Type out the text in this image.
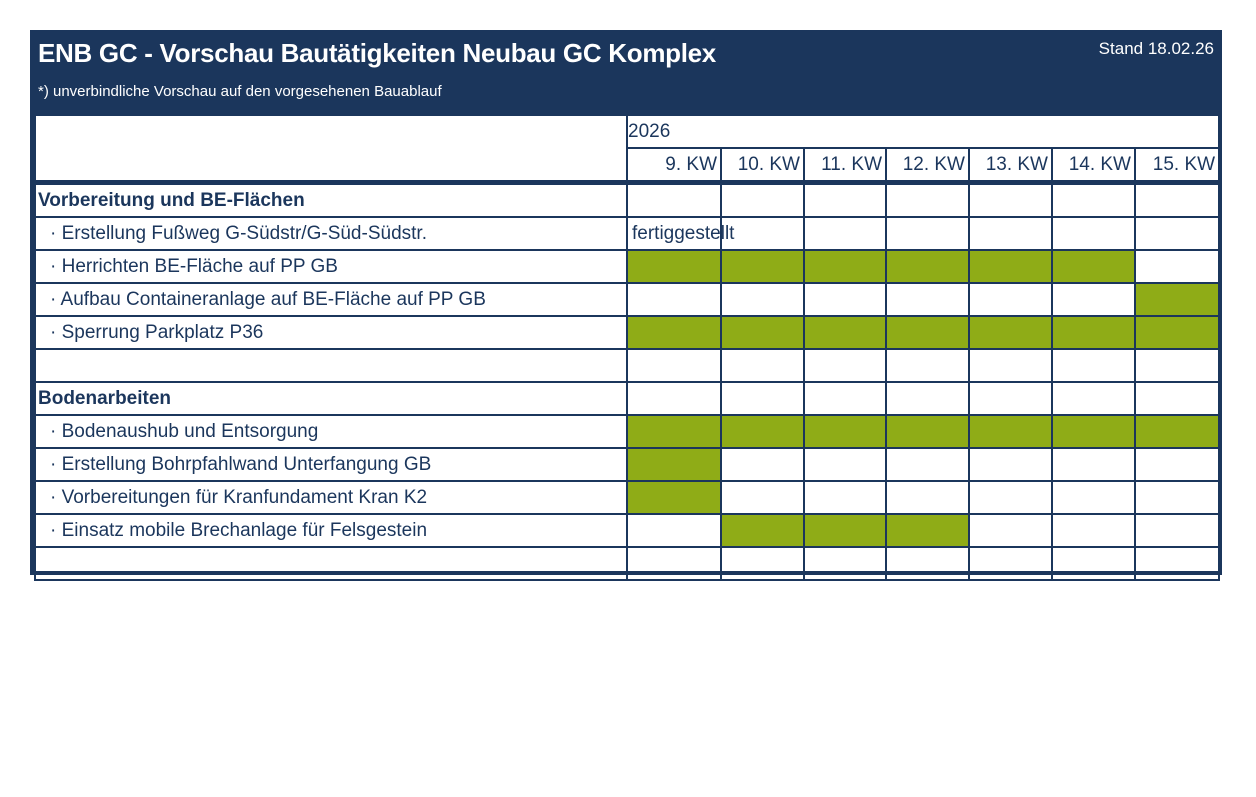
ENB GC - Vorschau Bautätigkeiten Neubau GC Komplex	Stand 18.02.26
*) unverbindliche Vorschau auf den vorgesehenen Bauablauf
	2026						
	9. KW	10. KW	11. KW	12. KW	13. KW	14. KW	15. KW
Vorbereitung und BE-Flächen							
· Erstellung Fußweg G-Südstr/G-Süd-Südstr.	fertiggestellt						

· Herrichten BE-Fläche auf PP GB							
· Aufbau Containeranlage auf BE-Fläche auf PP GB							
· Sperrung Parkplatz P36							

Bodenarbeiten							
· Bodenaushub und Entsorgung							
· Erstellung Bohrpfahlwand Unterfangung GB							
· Vorbereitungen für Kranfundament Kran K2							
· Einsatz mobile Brechanlage für Felsgestein							
